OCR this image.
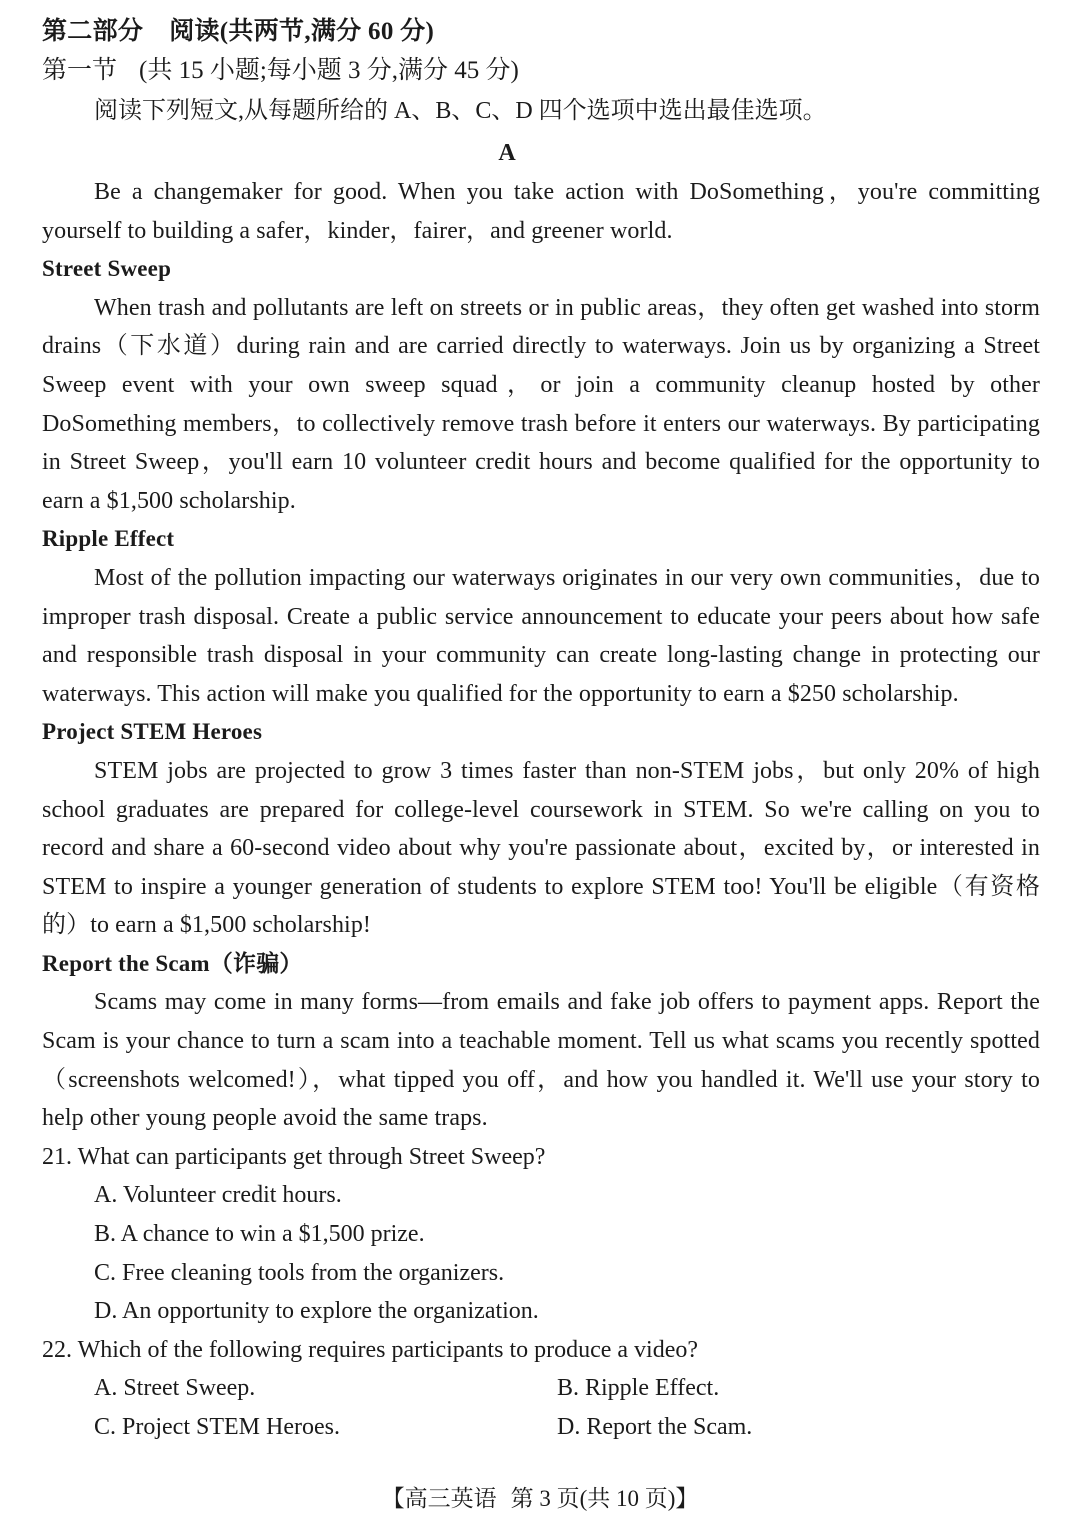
第二部分 阅读(共两节,满分 60 分)
第一节 (共 15 小题;每小题 3 分,满分 45 分)
阅读下列短文,从每题所给的 A、B、C、D 四个选项中选出最佳选项。
A

Be a changemaker for good. When you take action with DoSomething，you're committing yourself to building a safer，kinder，fairer，and greener world.

Street Sweep

When trash and pollutants are left on streets or in public areas，they often get washed into storm drains（下水道）during rain and are carried directly to waterways. Join us by organizing a Street Sweep event with your own sweep squad，or join a community cleanup hosted by other DoSomething members，to collectively remove trash before it enters our waterways. By participating in Street Sweep，you'll earn 10 volunteer credit hours and become qualified for the opportunity to earn a $1,500 scholarship.

Ripple Effect

Most of the pollution impacting our waterways originates in our very own communities，due to improper trash disposal. Create a public service announcement to educate your peers about how safe and responsible trash disposal in your community can create long-lasting change in protecting our waterways. This action will make you qualified for the opportunity to earn a $250 scholarship.

Project STEM Heroes

STEM jobs are projected to grow 3 times faster than non-STEM jobs，but only 20% of high school graduates are prepared for college-level coursework in STEM. So we're calling on you to record and share a 60-second video about why you're passionate about，excited by，or interested in STEM to inspire a younger generation of students to explore STEM too! You'll be eligible（有资格的）to earn a $1,500 scholarship!

Report the Scam（诈骗）

Scams may come in many forms—from emails and fake job offers to payment apps. Report the Scam is your chance to turn a scam into a teachable moment. Tell us what scams you recently spotted（screenshots welcomed!），what tipped you off，and how you handled it. We'll use your story to help other young people avoid the same traps.

21. What can participants get through Street Sweep?

A. Volunteer credit hours.

B. A chance to win a $1,500 prize.

C. Free cleaning tools from the organizers.

D. An opportunity to explore the organization.

22. Which of the following requires participants to produce a video?

A. Street Sweep.	B. Ripple Effect.
C. Project STEM Heroes.	D. Report the Scam.
【高三英语 第 3 页(共 10 页)】
